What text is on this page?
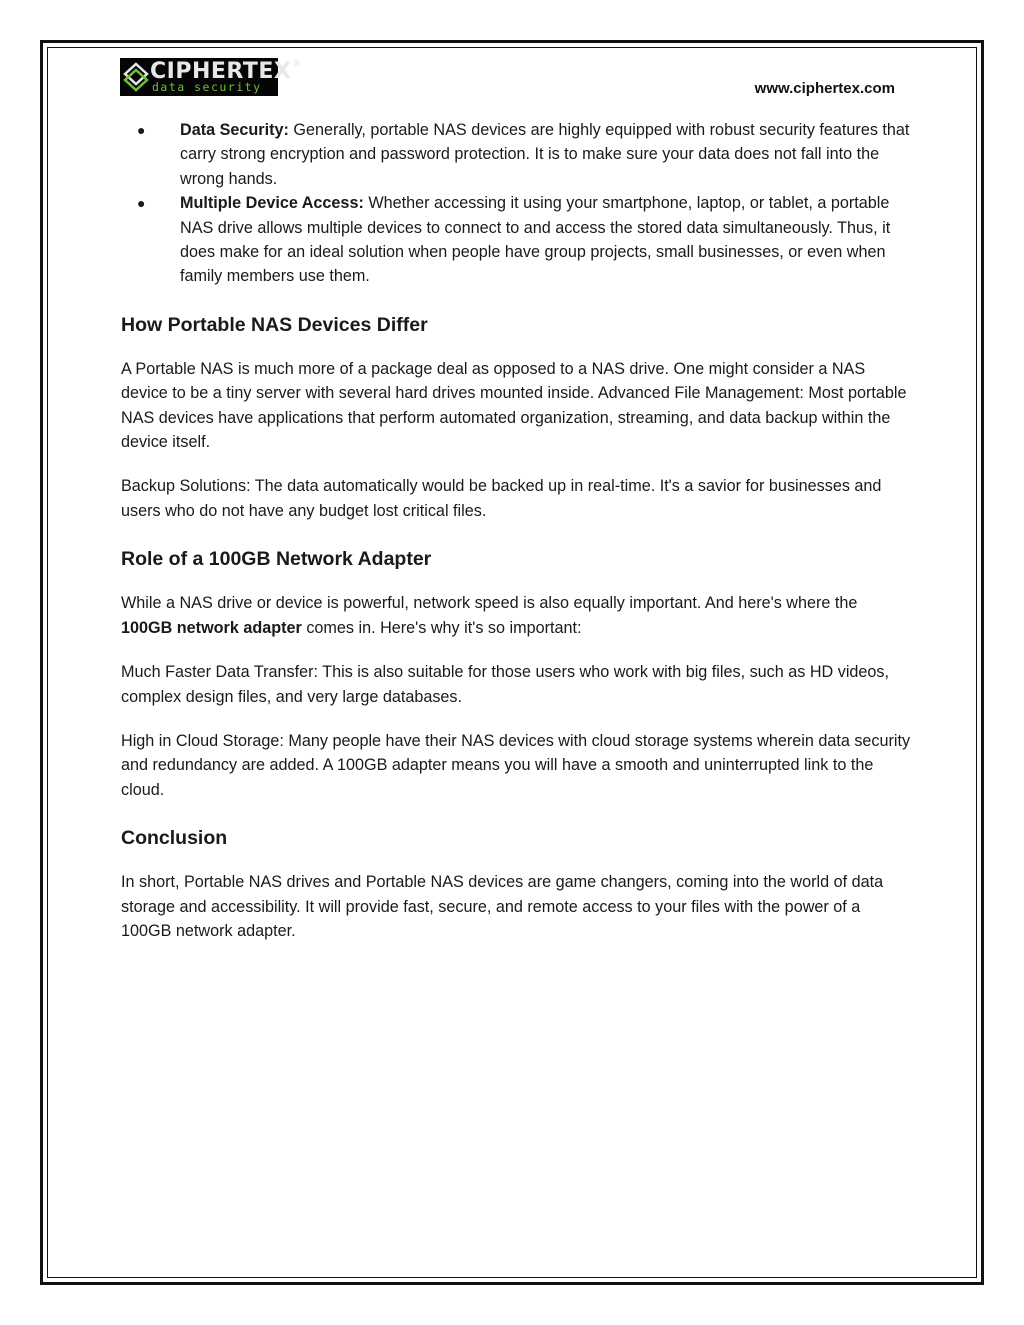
CIPHERTEX®
data security	www.ciphertex.com
● Data Security: Generally, portable NAS devices are highly equipped with robust security features that carry strong encryption and password protection. It is to make sure your data does not fall into the wrong hands.
● Multiple Device Access: Whether accessing it using your smartphone, laptop, or tablet, a portable NAS drive allows multiple devices to connect to and access the stored data simultaneously. Thus, it does make for an ideal solution when people have group projects, small businesses, or even when family members use them.
How Portable NAS Devices Differ

A Portable NAS is much more of a package deal as opposed to a NAS drive. One might consider a NAS device to be a tiny server with several hard drives mounted inside. Advanced File Management: Most portable NAS devices have applications that perform automated organization, streaming, and data backup within the device itself.

Backup Solutions: The data automatically would be backed up in real-time. It's a savior for businesses and users who do not have any budget lost critical files.

Role of a 100GB Network Adapter

While a NAS drive or device is powerful, network speed is also equally important. And here's where the 100GB network adapter comes in. Here's why it's so important:

Much Faster Data Transfer: This is also suitable for those users who work with big files, such as HD videos, complex design files, and very large databases.

High in Cloud Storage: Many people have their NAS devices with cloud storage systems wherein data security and redundancy are added. A 100GB adapter means you will have a smooth and uninterrupted link to the cloud.

Conclusion

In short, Portable NAS drives and Portable NAS devices are game changers, coming into the world of data storage and accessibility. It will provide fast, secure, and remote access to your files with the power of a 100GB network adapter.
